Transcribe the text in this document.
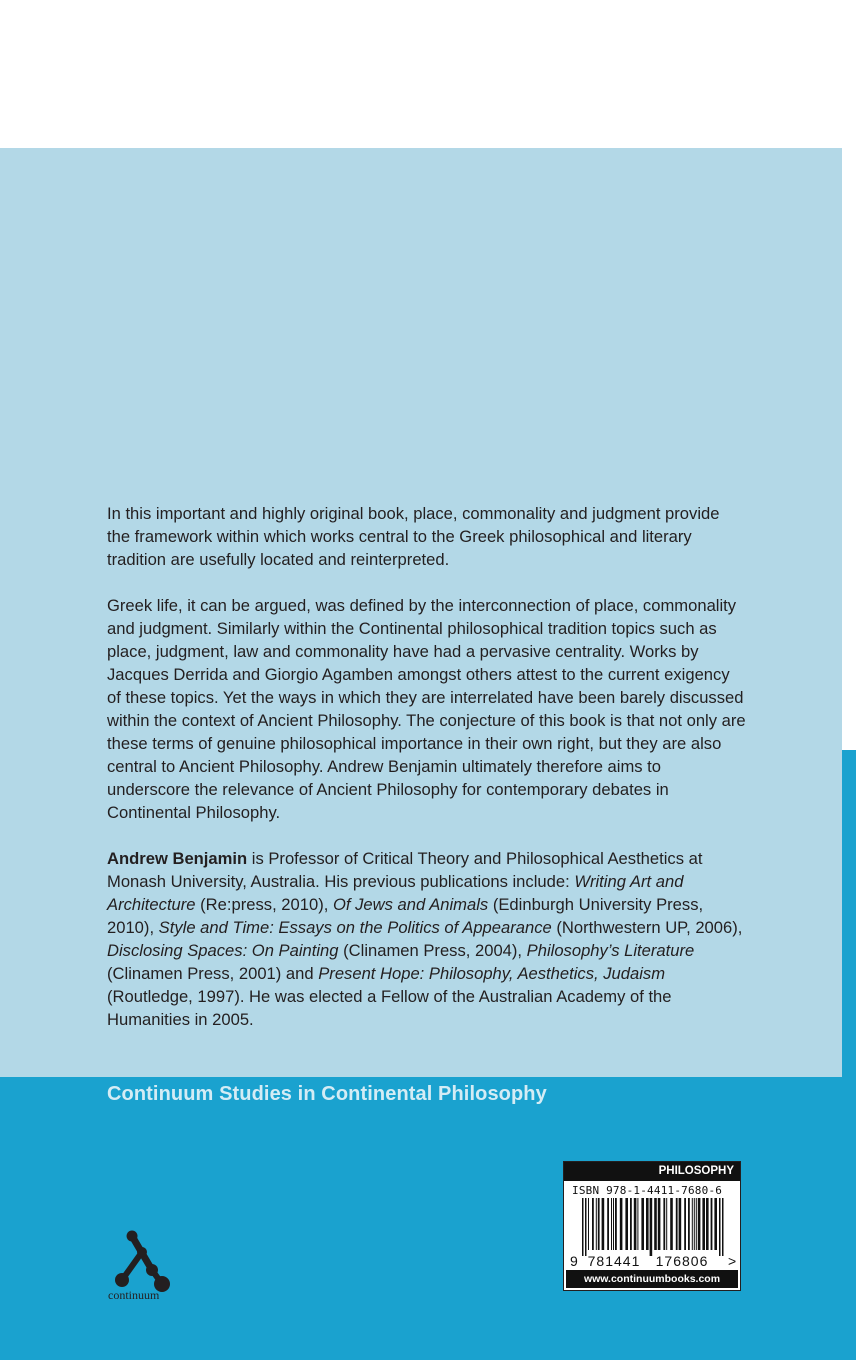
In this important and highly original book, place, commonality and judgment provide the framework within which works central to the Greek philosophical and literary tradition are usefully located and reinterpreted.

Greek life, it can be argued, was defined by the interconnection of place, commonality and judgment. Similarly within the Continental philosophical tradition topics such as place, judgment, law and commonality have had a pervasive centrality. Works by Jacques Derrida and Giorgio Agamben amongst others attest to the current exigency of these topics. Yet the ways in which they are interrelated have been barely discussed within the context of Ancient Philosophy. The conjecture of this book is that not only are these terms of genuine philosophical importance in their own right, but they are also central to Ancient Philosophy. Andrew Benjamin ultimately therefore aims to underscore the relevance of Ancient Philosophy for contemporary debates in Continental Philosophy.

Andrew Benjamin is Professor of Critical Theory and Philosophical Aesthetics at Monash University, Australia. His previous publications include: Writing Art and Architecture (Re:press, 2010), Of Jews and Animals (Edinburgh University Press, 2010), Style and Time: Essays on the Politics of Appearance (Northwestern UP, 2006), Disclosing Spaces: On Painting (Clinamen Press, 2004), Philosophy’s Literature (Clinamen Press, 2001) and Present Hope: Philosophy, Aesthetics, Judaism (Routledge, 1997). He was elected a Fellow of the Australian Academy of the Humanities in 2005.

Continuum Studies in Continental Philosophy
continuum
PHILOSOPHY
ISBN 978-1-4411-7680-6
9 781441 176806 >
www.continuumbooks.com
